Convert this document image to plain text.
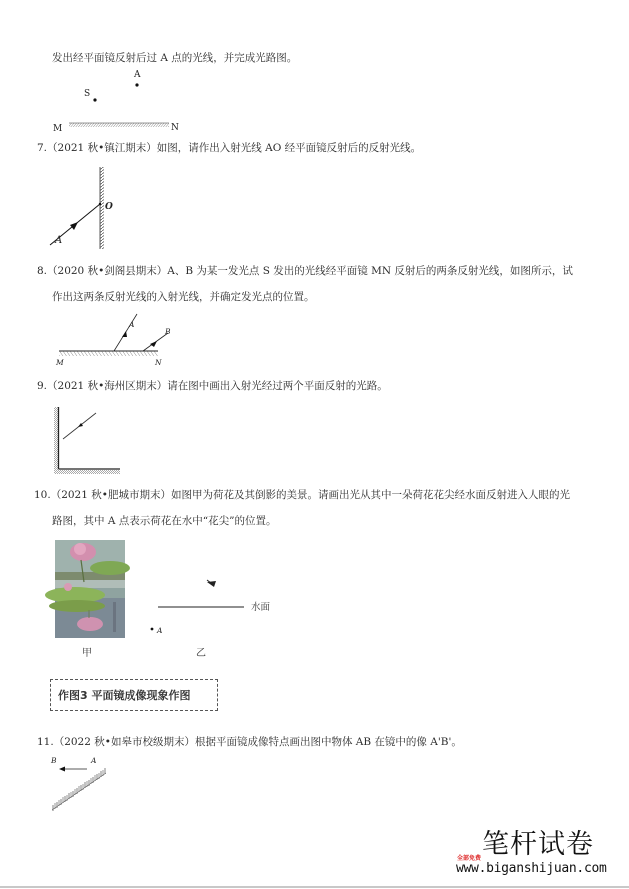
发出经平面镜反射后过 A 点的光线，并完成光路图。
A
S
M	N
7.（2021 秋•镇江期末）如图，请作出入射光线 AO 经平面镜反射后的反射光线。
O
A
8.（2020 秋•剑阁县期末）A、B 为某一发光点 S 发出的光线经平面镜 MN 反射后的两条反射光线，如图所示，试
作出这两条反射光线的入射光线，并确定发光点的位置。
A
B
M	N
9.（2021 秋•海州区期末）请在图中画出入射光经过两个平面反射的光路。
10.（2021 秋•肥城市期末）如图甲为荷花及其倒影的美景。请画出光从其中一朵荷花花尖经水面反射进入人眼的光
路图，其中 A 点表示荷花在水中“花尖”的位置。
甲
水面
A
乙
作图3 平面镜成像现象作图
11.（2022 秋•如皋市校级期末）根据平面镜成像特点画出图中物体 AB 在镜中的像 A'B'。
B	A
笔杆试卷
全部免费
www.biganshijuan.com
